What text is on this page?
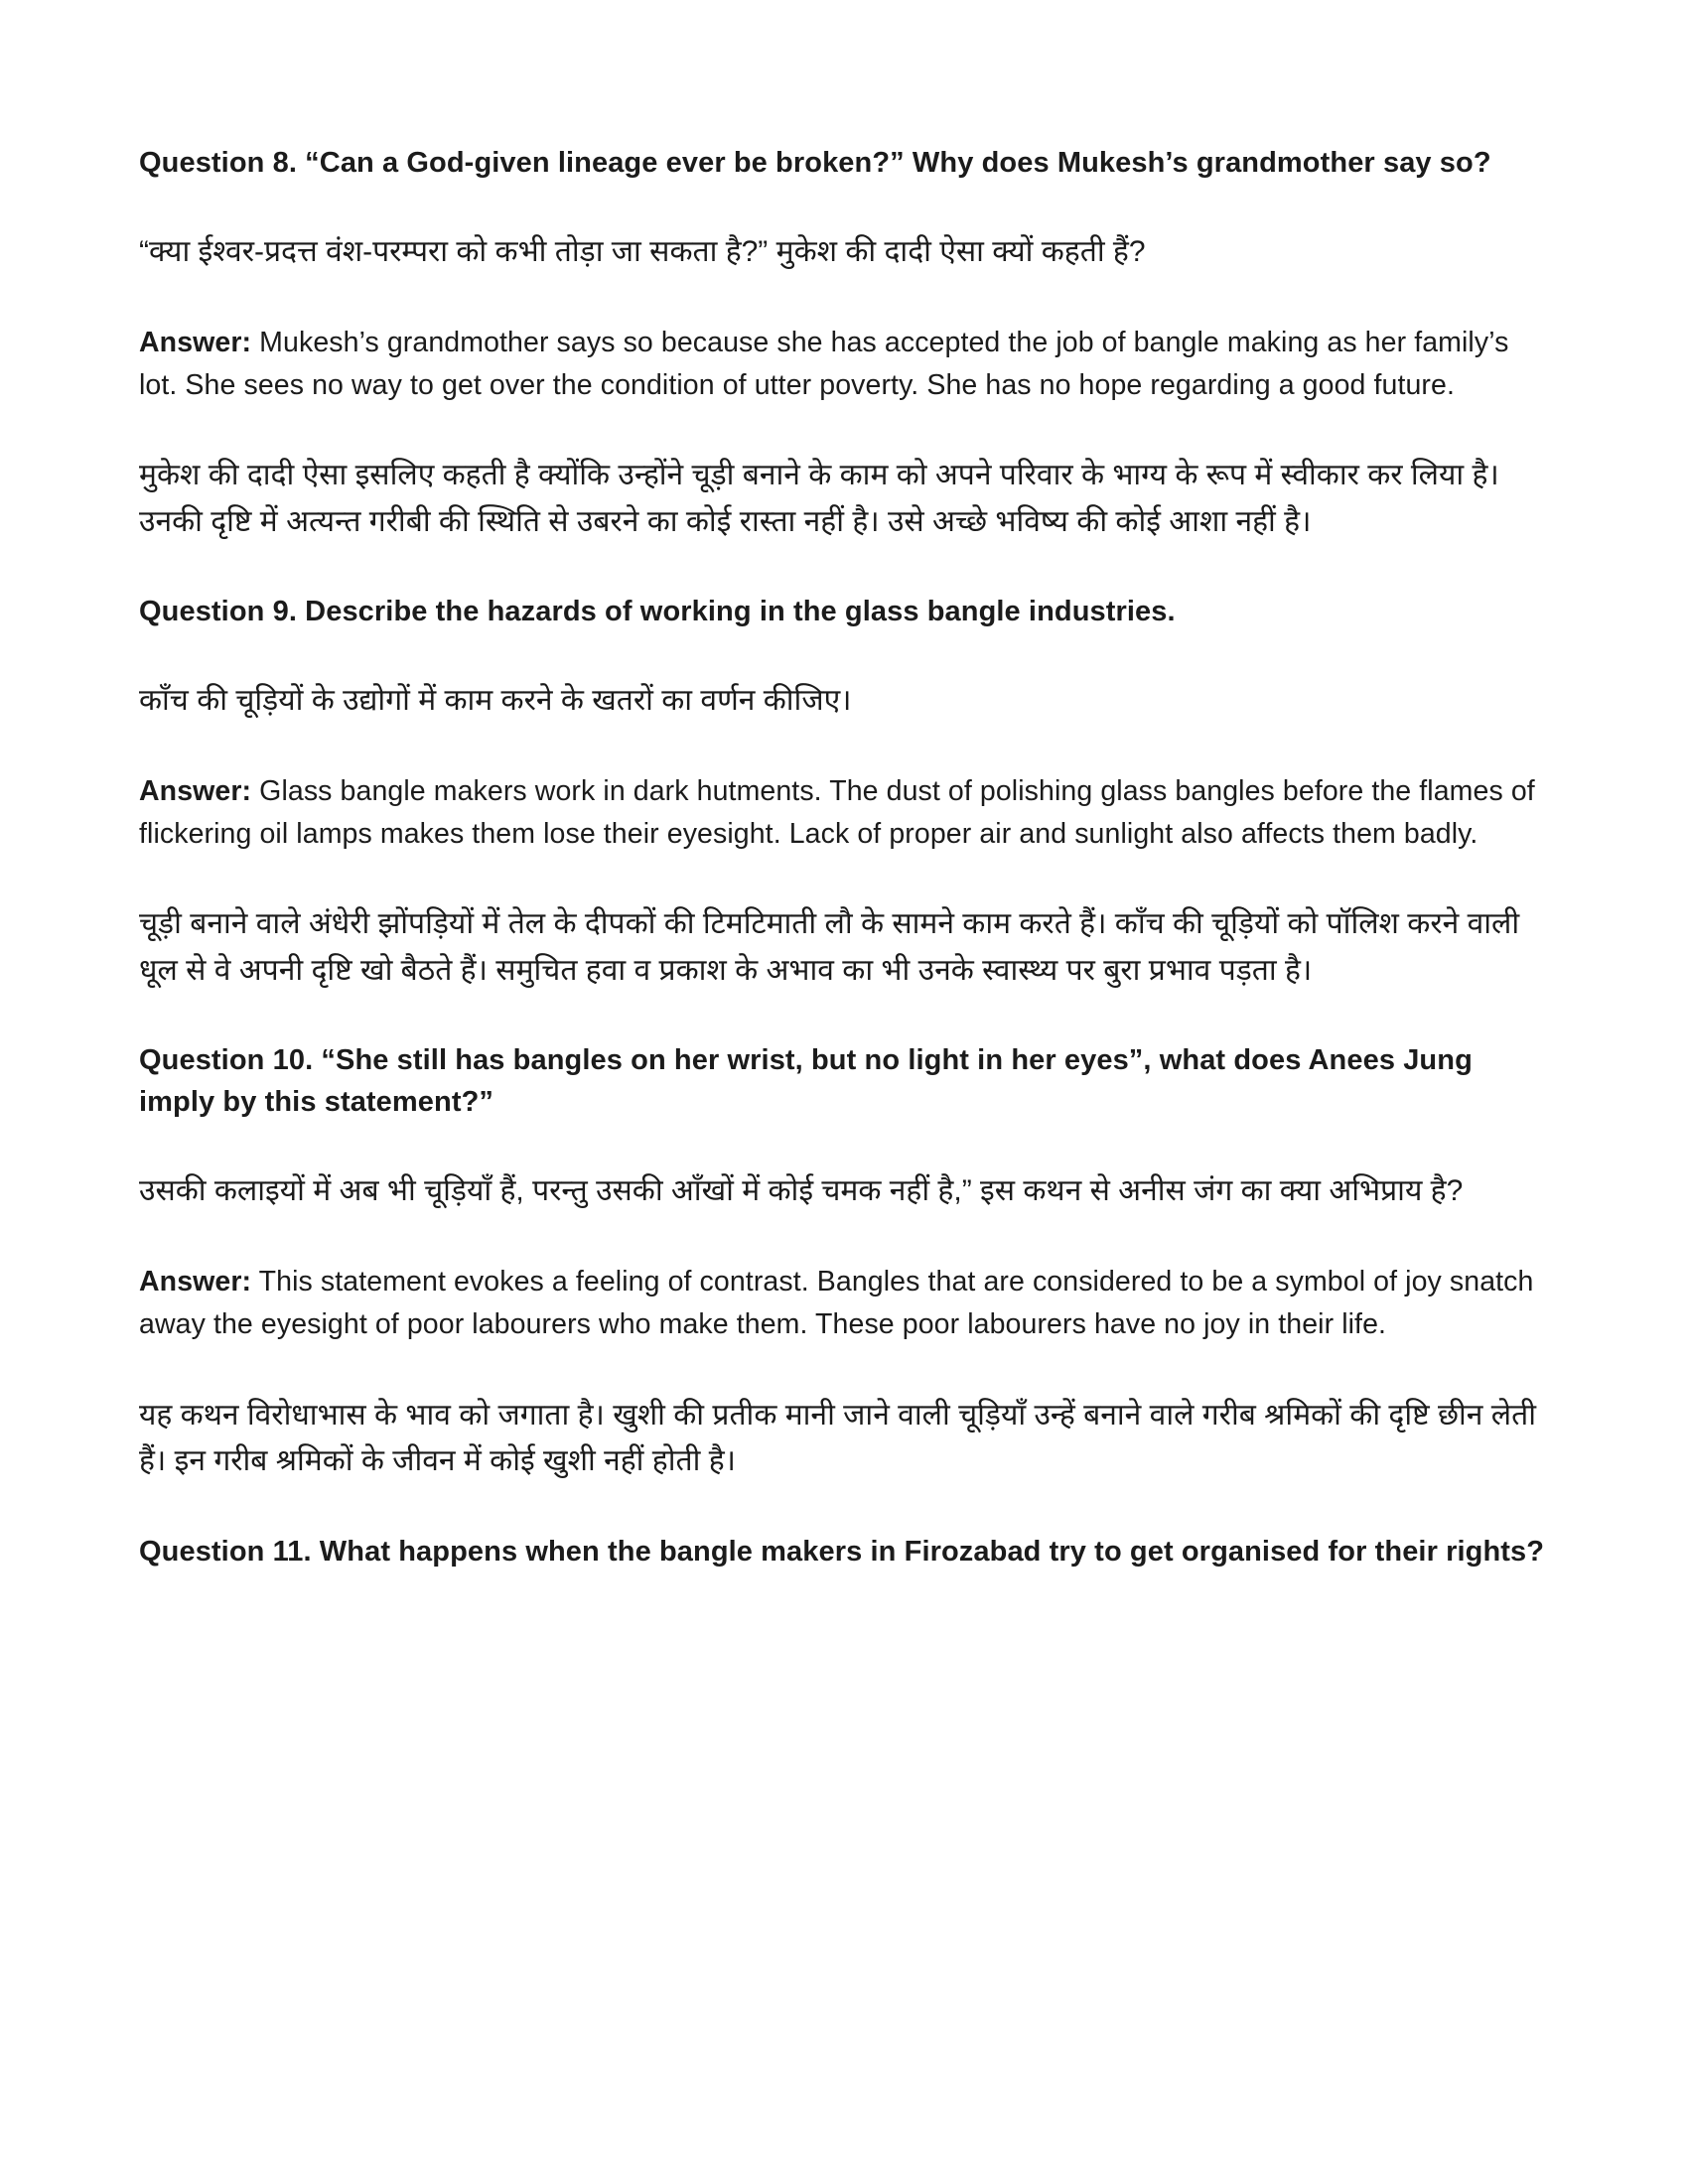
Question 8. “Can a God-given lineage ever be broken?” Why does Mukesh’s grandmother say so?

“क्या ईश्वर-प्रदत्त वंश-परम्परा को कभी तोड़ा जा सकता है?” मुकेश की दादी ऐसा क्यों कहती हैं?

Answer: Mukesh’s grandmother says so because she has accepted the job of bangle making as her family’s lot. She sees no way to get over the condition of utter poverty. She has no hope regarding a good future.

मुकेश की दादी ऐसा इसलिए कहती है क्योंकि उन्होंने चूड़ी बनाने के काम को अपने परिवार के भाग्य के रूप में स्वीकार कर लिया है। उनकी दृष्टि में अत्यन्त गरीबी की स्थिति से उबरने का कोई रास्ता नहीं है। उसे अच्छे भविष्य की कोई आशा नहीं है।

Question 9. Describe the hazards of working in the glass bangle industries.

काँच की चूड़ियों के उद्योगों में काम करने के खतरों का वर्णन कीजिए।

Answer: Glass bangle makers work in dark hutments. The dust of polishing glass bangles before the flames of flickering oil lamps makes them lose their eyesight. Lack of proper air and sunlight also affects them badly.

चूड़ी बनाने वाले अंधेरी झोंपड़ियों में तेल के दीपकों की टिमटिमाती लौ के सामने काम करते हैं। काँच की चूड़ियों को पॉलिश करने वाली धूल से वे अपनी दृष्टि खो बैठते हैं। समुचित हवा व प्रकाश के अभाव का भी उनके स्वास्थ्य पर बुरा प्रभाव पड़ता है।

Question 10. “She still has bangles on her wrist, but no light in her eyes”, what does Anees Jung imply by this statement?”

उसकी कलाइयों में अब भी चूड़ियाँ हैं, परन्तु उसकी आँखों में कोई चमक नहीं है,” इस कथन से अनीस जंग का क्या अभिप्राय है?

Answer: This statement evokes a feeling of contrast. Bangles that are considered to be a symbol of joy snatch away the eyesight of poor labourers who make them. These poor labourers have no joy in their life.

यह कथन विरोधाभास के भाव को जगाता है। खुशी की प्रतीक मानी जाने वाली चूड़ियाँ उन्हें बनाने वाले गरीब श्रमिकों की दृष्टि छीन लेती हैं। इन गरीब श्रमिकों के जीवन में कोई खुशी नहीं होती है।

Question 11. What happens when the bangle makers in Firozabad try to get organised for their rights?
